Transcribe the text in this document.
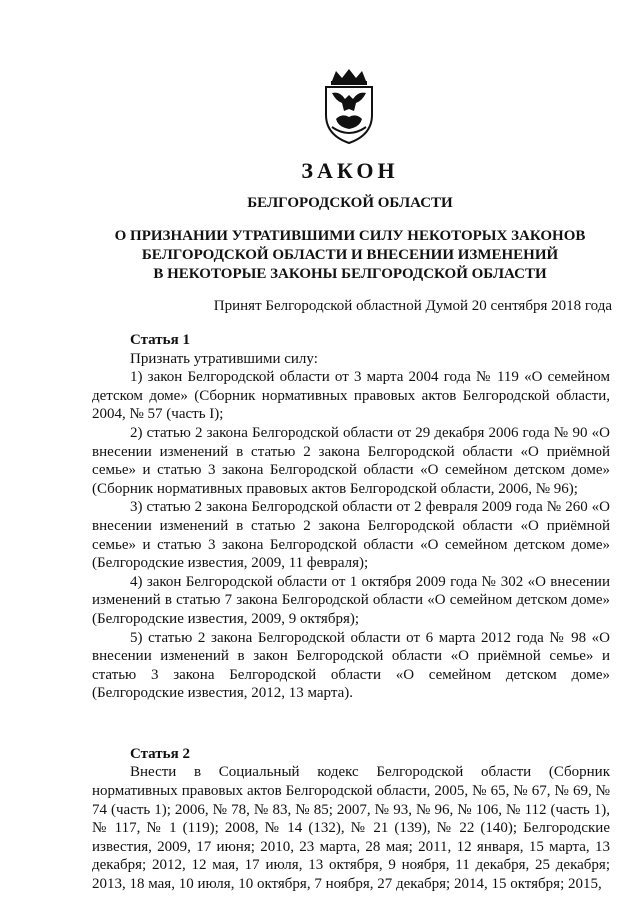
ЗАКОН
БЕЛГОРОДСКОЙ ОБЛАСТИ
О ПРИЗНАНИИ УТРАТИВШИМИ СИЛУ НЕКОТОРЫХ ЗАКОНОВ
БЕЛГОРОДСКОЙ ОБЛАСТИ И ВНЕСЕНИИ ИЗМЕНЕНИЙ
В НЕКОТОРЫЕ ЗАКОНЫ БЕЛГОРОДСКОЙ ОБЛАСТИ
Принят Белгородской областной Думой 20 сентября 2018 года
Статья 1

Признать утратившими силу:

1) закон Белгородской области от 3 марта 2004 года № 119 «О семейном детском доме» (Сборник нормативных правовых актов Белгородской области, 2004, № 57 (часть I);

2) статью 2 закона Белгородской области от 29 декабря 2006 года № 90 «О внесении изменений в статью 2 закона Белгородской области «О приёмной семье» и статью 3 закона Белгородской области «О семейном детском доме» (Сборник нормативных правовых актов Белгородской области, 2006, № 96);

3) статью 2 закона Белгородской области от 2 февраля 2009 года № 260 «О внесении изменений в статью 2 закона Белгородской области «О приёмной семье» и статью 3 закона Белгородской области «О семейном детском доме» (Белгородские известия, 2009, 11 февраля);

4) закон Белгородской области от 1 октября 2009 года № 302 «О внесении изменений в статью 7 закона Белгородской области «О семейном детском доме» (Белгородские известия, 2009, 9 октября);

5) статью 2 закона Белгородской области от 6 марта 2012 года № 98 «О внесении изменений в закон Белгородской области «О приёмной семье» и статью 3 закона Белгородской области «О семейном детском доме» (Белгородские известия, 2012, 13 марта).

Статья 2

Внести в Социальный кодекс Белгородской области (Сборник нормативных правовых актов Белгородской области, 2005, № 65, № 67, № 69, № 74 (часть 1); 2006, № 78, № 83, № 85; 2007, № 93, № 96, № 106, № 112 (часть 1), № 117, № 1 (119); 2008, № 14 (132), № 21 (139), № 22 (140); Белгородские известия, 2009, 17 июня; 2010, 23 марта, 28 мая; 2011, 12 января, 15 марта, 13 декабря; 2012, 12 мая, 17 июля, 13 октября, 9 ноября, 11 декабря, 25 декабря; 2013, 18 мая, 10 июля, 10 октября, 7 ноября, 27 декабря; 2014, 15 октября; 2015,
